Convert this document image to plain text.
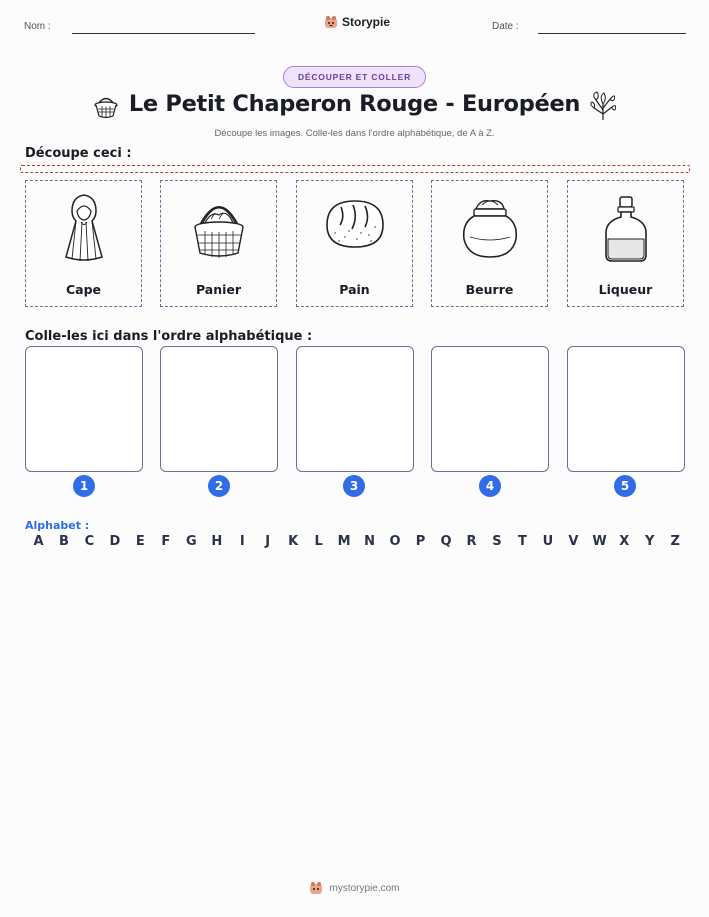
Nom :	Storypie	Date :
DÉCOUPER ET COLLER
Le Petit Chaperon Rouge - Européen
Découpe les images. Colle-les dans l'ordre alphabétique, de A à Z.
Découpe ceci :
Cape	Panier	Pain	Beurre	Liqueur
Colle-les ici dans l'ordre alphabétique :
1	2	3	4	5
Alphabet :
A B C D E F G H	I	J	K L M N O P Q R S T U V W X Y Z
mystorypie.com
